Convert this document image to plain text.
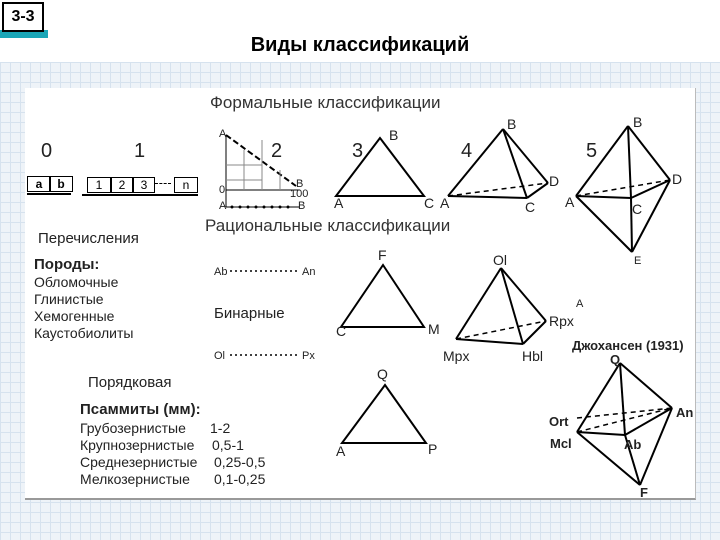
3-3
Виды классификаций
Формальные классификации
Рациональные классификации
0	1	2	3	4	5
a	b	1	2	3	n
A
A
B
B
0	100
B
A	C
B
A
D
C
B
A
D
C
E
Перечисления
Породы:
Обломочные
Глинистые
Хемогенные
Каустобиолиты
Ab	An
Бинарные
Ol	Px
F
C	M
Ol
Rpx
Mpx	Hbl
A
Порядковая	Q
A	P
Псаммиты (мм):
Грубозернистые 1-2
Крупнозернистые 0,5-1
Среднезернистые 0,25-0,5
Мелкозернистые 0,1-0,25
Джохансен (1931)
Q
An
Ort
Mcl	Ab
F
